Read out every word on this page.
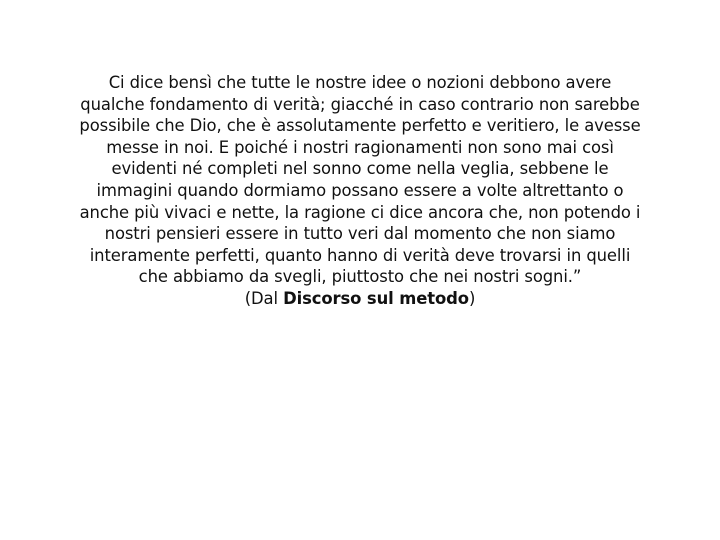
Ci dice bensì che tutte le nostre idee o nozioni debbono avere
qualche fondamento di verità; giacché in caso contrario non sarebbe
possibile che Dio, che è assolutamente perfetto e veritiero, le avesse
messe in noi. E poiché i nostri ragionamenti non sono mai così
evidenti né completi nel sonno come nella veglia, sebbene le
immagini quando dormiamo possano essere a volte altrettanto o
anche più vivaci e nette, la ragione ci dice ancora che, non potendo i
nostri pensieri essere in tutto veri dal momento che non siamo
interamente perfetti, quanto hanno di verità deve trovarsi in quelli
che abbiamo da svegli, piuttosto che nei nostri sogni.”
(Dal Discorso sul metodo)
